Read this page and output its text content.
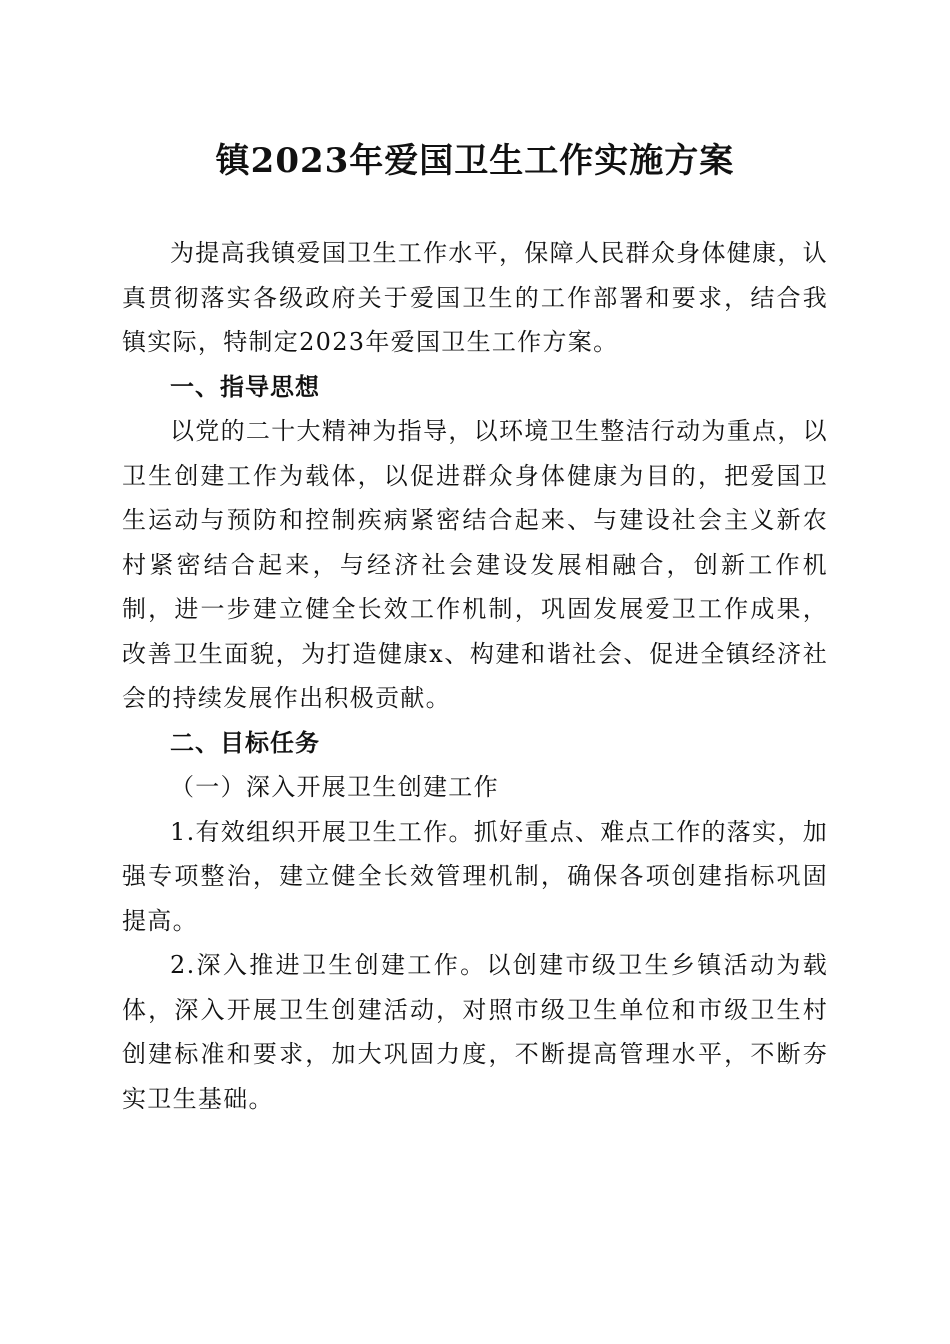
镇2023年爱国卫生工作实施方案

为提高我镇爱国卫生工作水平，保障人民群众身体健康，认真贯彻落实各级政府关于爱国卫生的工作部署和要求，结合我镇实际，特制定2023年爱国卫生工作方案。

一、指导思想

以党的二十大精神为指导，以环境卫生整洁行动为重点，以卫生创建工作为载体，以促进群众身体健康为目的，把爱国卫生运动与预防和控制疾病紧密结合起来、与建设社会主义新农村紧密结合起来，与经济社会建设发展相融合，创新工作机制，进一步建立健全长效工作机制，巩固发展爱卫工作成果，改善卫生面貌，为打造健康x、构建和谐社会、促进全镇经济社会的持续发展作出积极贡献。

二、目标任务

（一）深入开展卫生创建工作

1.有效组织开展卫生工作。抓好重点、难点工作的落实，加强专项整治，建立健全长效管理机制，确保各项创建指标巩固提高。

2.深入推进卫生创建工作。以创建市级卫生乡镇活动为载体，深入开展卫生创建活动，对照市级卫生单位和市级卫生村创建标准和要求，加大巩固力度，不断提高管理水平，不断夯实卫生基础。
